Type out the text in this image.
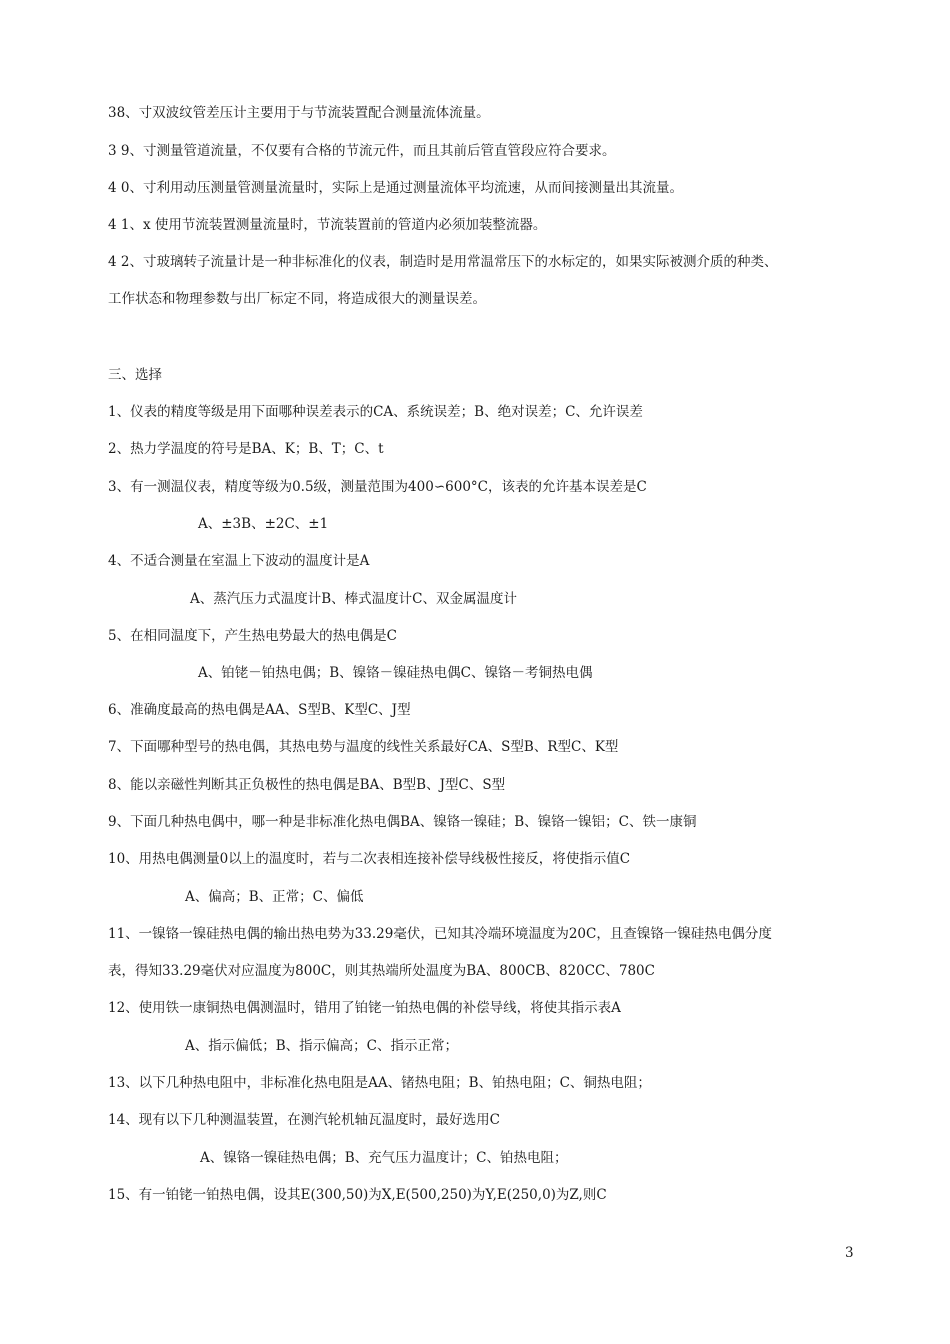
38、寸双波纹管差压计主要用于与节流装置配合测量流体流量。
3 9、寸测量管道流量，不仅要有合格的节流元件，而且其前后管直管段应符合要求。
4 0、寸利用动压测量管测量流量时，实际上是通过测量流体平均流速，从而间接测量出其流量。
4 1、x 使用节流装置测量流量时，节流装置前的管道内必须加装整流器。
4 2、寸玻璃转子流量计是一种非标准化的仪表，制造时是用常温常压下的水标定的，如果实际被测介质的种类、
工作状态和物理参数与出厂标定不同，将造成很大的测量误差。
三、选择
1、仪表的精度等级是用下面哪种误差表示的CA、系统误差；B、绝对误差；C、允许误差
2、热力学温度的符号是BA、K；B、T；C、t
3、有一测温仪表，精度等级为0.5级，测量范围为400∽600°C，该表的允许基本误差是C
A、±3B、±2C、±1
4、不适合测量在室温上下波动的温度计是A
A、蒸汽压力式温度计B、棒式温度计C、双金属温度计
5、在相同温度下，产生热电势最大的热电偶是C
A、铂铑－铂热电偶；B、镍铬－镍硅热电偶C、镍铬－考铜热电偶
6、准确度最高的热电偶是AA、S型B、K型C、J型
7、下面哪种型号的热电偶，其热电势与温度的线性关系最好CA、S型B、R型C、K型
8、能以亲磁性判断其正负极性的热电偶是BA、B型B、J型C、S型
9、下面几种热电偶中，哪一种是非标准化热电偶BA、镍铬一镍硅；B、镍铬一镍铝；C、铁一康铜
10、用热电偶测量0以上的温度时，若与二次表相连接补偿导线极性接反，将使指示值C
A、偏高；B、正常；C、偏低
11、一镍铬一镍硅热电偶的输出热电势为33.29毫伏，已知其冷端环境温度为20C，且查镍铬一镍硅热电偶分度
表，得知33.29毫伏对应温度为800C，则其热端所处温度为BA、800CB、820CC、780C
12、使用铁一康铜热电偶测温时，错用了铂铑一铂热电偶的补偿导线，将使其指示表A
A、指示偏低；B、指示偏高；C、指示正常；
13、以下几种热电阻中，非标准化热电阻是AA、锗热电阻；B、铂热电阻；C、铜热电阻；
14、现有以下几种测温装置，在测汽轮机轴瓦温度时，最好选用C
A、镍铬一镍硅热电偶；B、充气压力温度计；C、铂热电阻；
15、有一铂铑一铂热电偶，设其E(300,50)为X,E(500,250)为Y,E(250,0)为Z,则C
3
